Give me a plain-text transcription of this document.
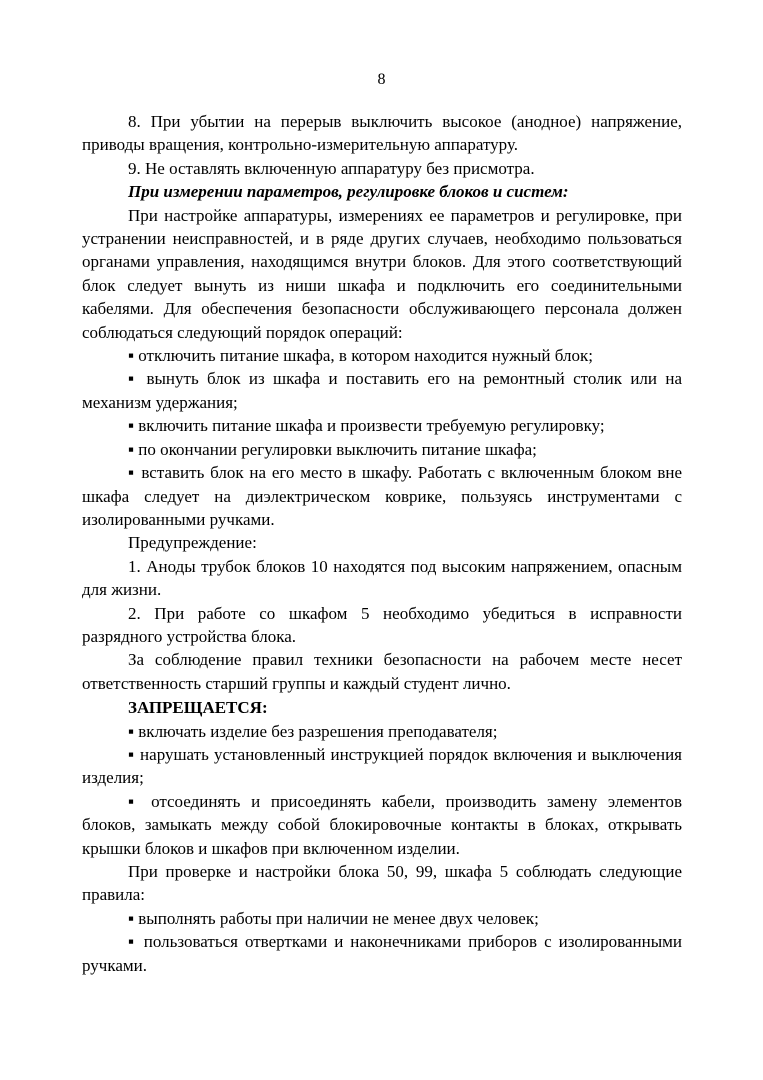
8

8. При убытии на перерыв выключить высокое (анодное) напряжение, приводы вращения, контрольно-измерительную аппаратуру.

9. Не оставлять включенную аппаратуру без присмотра.

При измерении параметров, регулировке блоков и систем:

При настройке аппаратуры, измерениях ее параметров и регулировке, при устранении неисправностей, и в ряде других случаев, необходимо пользоваться органами управления, находящимся внутри блоков. Для этого соответствующий блок следует вынуть из ниши шкафа и подключить его соединительными кабелями. Для обеспечения безопасности обслуживающего персонала должен соблюдаться следующий порядок операций:

▪ отключить питание шкафа, в котором находится нужный блок;

▪ вынуть блок из шкафа и поставить его на ремонтный столик или на механизм удержания;

▪ включить питание шкафа и произвести требуемую регулировку;

▪ по окончании регулировки выключить питание шкафа;

▪ вставить блок на его место в шкафу. Работать с включенным блоком вне шкафа следует на диэлектрическом коврике, пользуясь инструментами с изолированными ручками.

Предупреждение:

1. Аноды трубок блоков 10 находятся под высоким напряжением, опасным для жизни.

2. При работе со шкафом 5 необходимо убедиться в исправности разрядного устройства блока.

За соблюдение правил техники безопасности на рабочем месте несет ответственность старший группы и каждый студент лично.

ЗАПРЕЩАЕТСЯ:

▪ включать изделие без разрешения преподавателя;

▪ нарушать установленный инструкцией порядок включения и выключения изделия;

▪ отсоединять и присоединять кабели, производить замену элементов блоков, замыкать между собой блокировочные контакты в блоках, открывать крышки блоков и шкафов при включенном изделии.

При проверке и настройки блока 50, 99, шкафа 5 соблюдать следующие правила:

▪ выполнять работы при наличии не менее двух человек;

▪ пользоваться отвертками и наконечниками приборов с изолированными ручками.
